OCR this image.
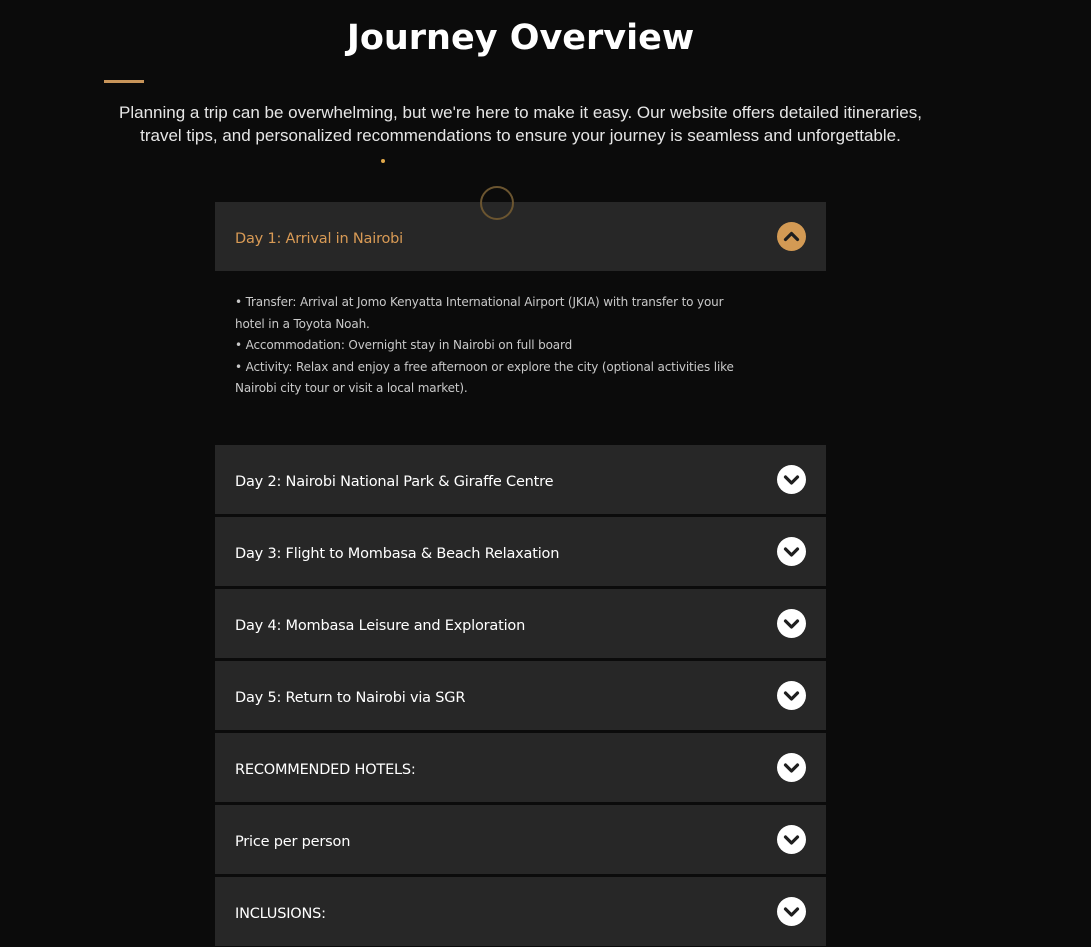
Journey Overview
Planning a trip can be overwhelming, but we're here to make it easy. Our website offers detailed itineraries, travel tips, and personalized recommendations to ensure your journey is seamless and unforgettable.
Day 1: Arrival in Nairobi
• Transfer: Arrival at Jomo Kenyatta International Airport (JKIA) with transfer to your hotel in a Toyota Noah.
• Accommodation: Overnight stay in Nairobi on full board
• Activity: Relax and enjoy a free afternoon or explore the city (optional activities like Nairobi city tour or visit a local market).
Day 2: Nairobi National Park & Giraffe Centre
Day 3: Flight to Mombasa & Beach Relaxation
Day 4: Mombasa Leisure and Exploration
Day 5: Return to Nairobi via SGR
RECOMMENDED HOTELS:
Price per person
INCLUSIONS:
